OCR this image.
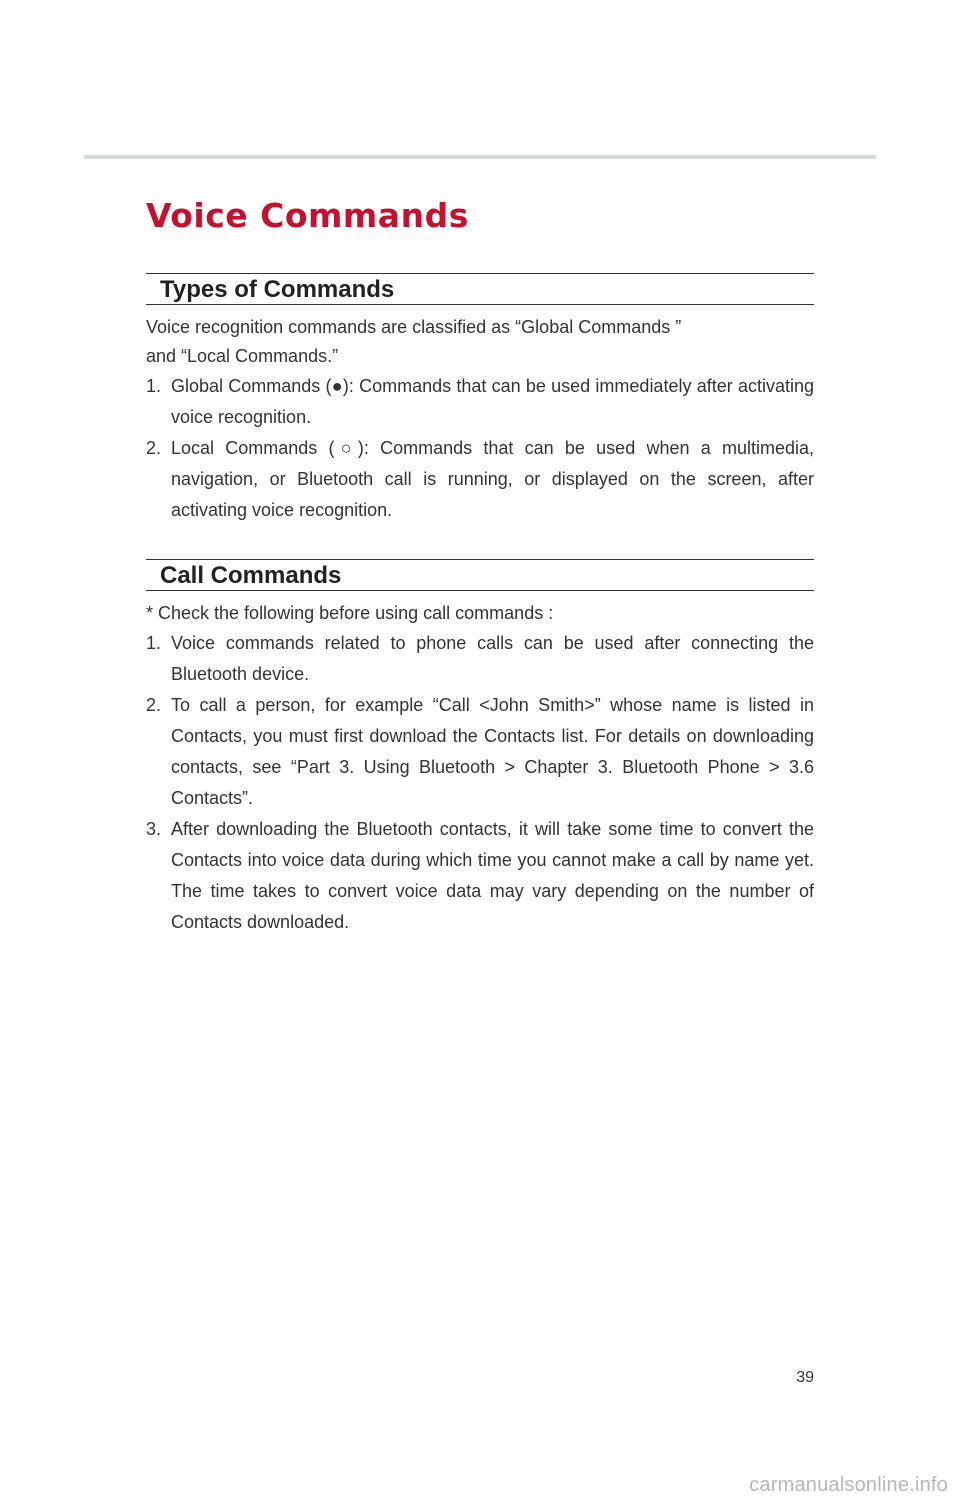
Voice Commands
Types of Commands

Voice recognition commands are classified as “Global Commands ” and “Local Commands.”

1. Global Commands (●): Commands that can be used immediately after activating voice recognition.
2. Local Commands (○): Commands that can be used when a multimedia, navigation, or Bluetooth call is running, or displayed on the screen, after activating voice recognition.
Call Commands

* Check the following before using call commands :

1. Voice commands related to phone calls can be used after connecting the Bluetooth device.
2. To call a person, for example “Call <John Smith>” whose name is listed in Contacts, you must first download the Contacts list. For details on downloading contacts, see “Part 3. Using Bluetooth > Chapter 3. Bluetooth Phone > 3.6 Contacts”.
3. After downloading the Bluetooth contacts, it will take some time to convert the Contacts into voice data during which time you cannot make a call by name yet. The time takes to convert voice data may vary depending on the number of Contacts downloaded.
39
carmanualsonline.info
